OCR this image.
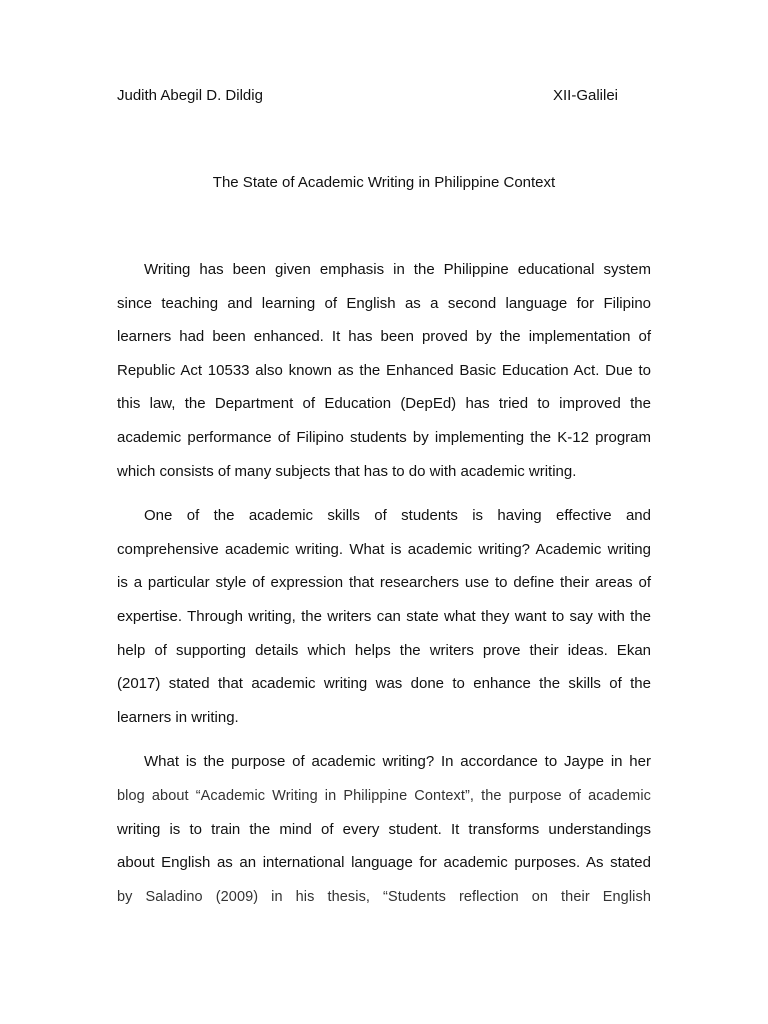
Judith Abegil D. Dildig	XII-Galilei
The State of Academic Writing in Philippine Context
Writing has been given emphasis in the Philippine educational system
since teaching and learning of English as a second language for Filipino
learners had been enhanced. It has been proved by the implementation of
Republic Act 10533 also known as the Enhanced Basic Education Act. Due to
this law, the Department of Education (DepEd) has tried to improved the
academic performance of Filipino students by implementing the K-12 program
which consists of many subjects that has to do with academic writing.
One of the academic skills of students is having effective and
comprehensive academic writing. What is academic writing? Academic writing
is a particular style of expression that researchers use to define their areas of
expertise. Through writing, the writers can state what they want to say with the
help of supporting details which helps the writers prove their ideas. Ekan
(2017) stated that academic writing was done to enhance the skills of the
learners in writing.
What is the purpose of academic writing? In accordance to Jaype in her
blog about “Academic Writing in Philippine Context”, the purpose of academic
writing is to train the mind of every student. It transforms understandings
about English as an international language for academic purposes. As stated
by Saladino (2009) in his thesis, “Students reflection on their English
